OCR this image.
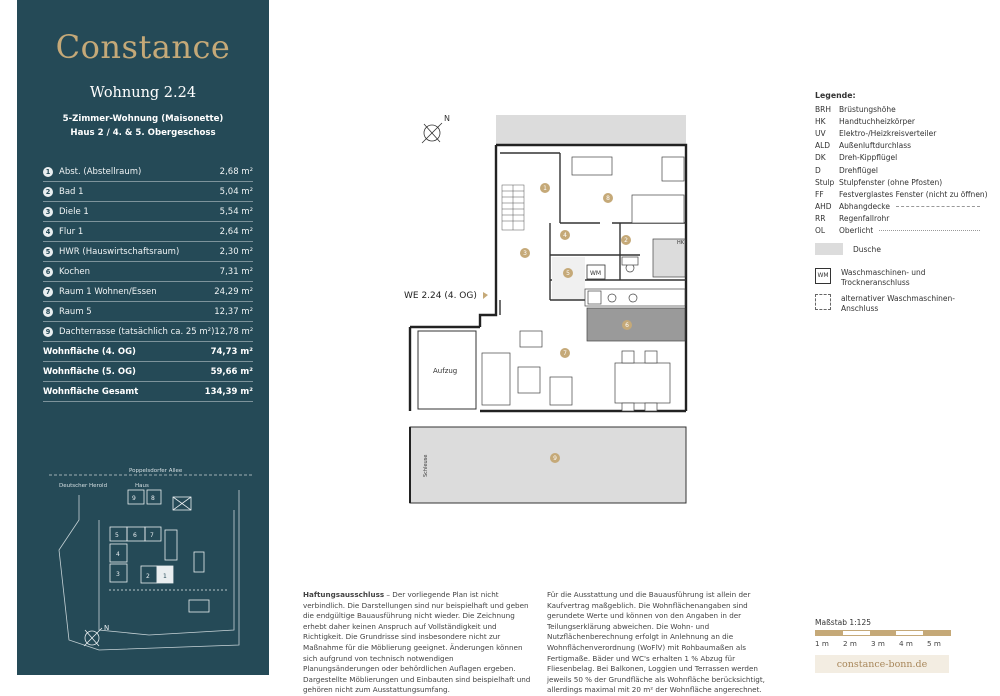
Constance
Wohnung 2.24
5-Zimmer-Wohnung (Maisonette)
Haus 2 / 4. & 5. Obergeschoss
1	Abst. (Abstellraum)	2,68 m²
2	Bad 1	5,04 m²
3	Diele 1	5,54 m²
4	Flur 1	2,64 m²
5	HWR (Hauswirtschaftsraum)	2,30 m²
6	Kochen	7,31 m²
7	Raum 1 Wohnen/Essen	24,29 m²
8	Raum 5	12,37 m²
9	Dachterrasse (tatsächlich ca. 25 m²) 12,78 m²
Wohnfläche (4. OG)	74,73 m²
Wohnfläche (5. OG)	59,66 m²
Wohnfläche Gesamt	134,39 m²
Poppelsdorfer Allee
Deutscher Herold	Haus
9	8
5 6 7
4
3	2 1
N
N
HK
WM
Aufzug
Schleuse
WE 2.24 (4. OG)
1
2
3
4
5
6
7
8
9
Legende:
BRH	Brüstungshöhe
HK	Handtuchheizkörper
UV	Elektro-/Heizkreisverteiler
ALD	Außenluftdurchlass
DK	Dreh-Kippflügel
D	Drehflügel
Stulp Stulpfenster (ohne Pfosten)
FF	Festverglastes Fenster (nicht zu öffnen)
AHD Abhangdecke
RR	Regenfallrohr
OL	Oberlicht
Dusche
WM	Waschmaschinen- und
Trockneranschluss
alternativer Waschmaschinen-
Anschluss
Haftungsausschluss – Der vorliegende Plan ist nicht verbindlich. Die Darstellungen sind nur beispielhaft und geben die endgültige Bauausführung nicht wieder. Die Zeichnung erhebt daher keinen Anspruch auf Vollständigkeit und Richtigkeit. Die Grundrisse sind insbesondere nicht zur Maßnahme für die Möblierung geeignet. Änderungen können sich aufgrund von technisch notwendigen Planungsänderungen oder behördlichen Auflagen ergeben. Dargestellte Möblierungen und Einbauten sind beispielhaft und gehören nicht zum Ausstattungsumfang.
Für die Ausstattung und die Bauausführung ist allein der Kaufvertrag maßgeblich. Die Wohnflächenangaben sind gerundete Werte und können von den Angaben in der Teilungserklärung abweichen. Die Wohn- und Nutzflächenberechnung erfolgt in Anlehnung an die Wohnflächenverordnung (WoFlV) mit Rohbaumaßen als Fertigmaße. Bäder und WC's erhalten 1 % Abzug für Fliesenbelag. Bei Balkonen, Loggien und Terrassen werden jeweils 50 % der Grundfläche als Wohnfläche berücksichtigt, allerdings maximal mit 20 m² der Wohnfläche angerechnet.
Maßstab 1:125
1 m	2 m	3 m	4 m	5 m
constance-bonn.de
